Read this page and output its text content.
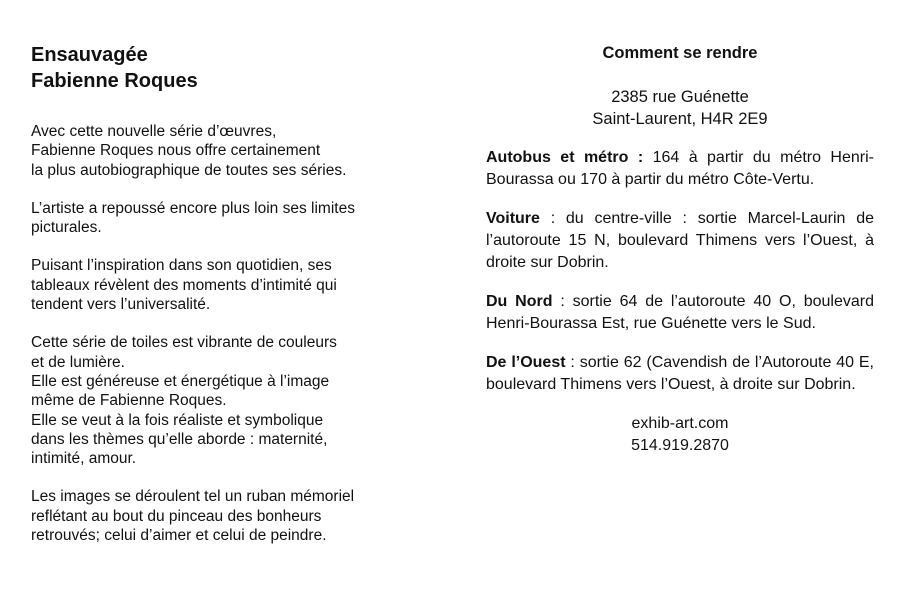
Ensauvagée
Fabienne Roques
Avec cette nouvelle série d’œuvres,
Fabienne Roques nous offre certainement
la plus autobiographique de toutes ses séries.
L’artiste a repoussé encore plus loin ses limites
picturales.
Puisant l’inspiration dans son quotidien, ses
tableaux révèlent des moments d’intimité qui
tendent vers l’universalité.
Cette série de toiles est vibrante de couleurs
et de lumière.
Elle est généreuse et énergétique à l’image
même de Fabienne Roques.
Elle se veut à la fois réaliste et symbolique
dans les thèmes qu’elle aborde : maternité,
intimité, amour.
Les images se déroulent tel un ruban mémoriel
reflétant au bout du pinceau des bonheurs
retrouvés; celui d’aimer et celui de peindre.
Comment se rendre
2385 rue Guénette
Saint-Laurent, H4R 2E9
Autobus et métro : 164 à partir du métro Henri-Bourassa ou 170 à partir du métro Côte-Vertu.
Voiture : du centre-ville : sortie Marcel-Laurin de l’autoroute 15 N, boulevard Thimens vers l’Ouest, à droite sur Dobrin.
Du Nord : sortie 64 de l’autoroute 40 O, boulevard Henri-Bourassa Est, rue Guénette vers le Sud.
De l’Ouest : sortie 62 (Cavendish de l’Autoroute 40 E, boulevard Thimens vers l’Ouest, à droite sur Dobrin.
exhib-art.com
514.919.2870
